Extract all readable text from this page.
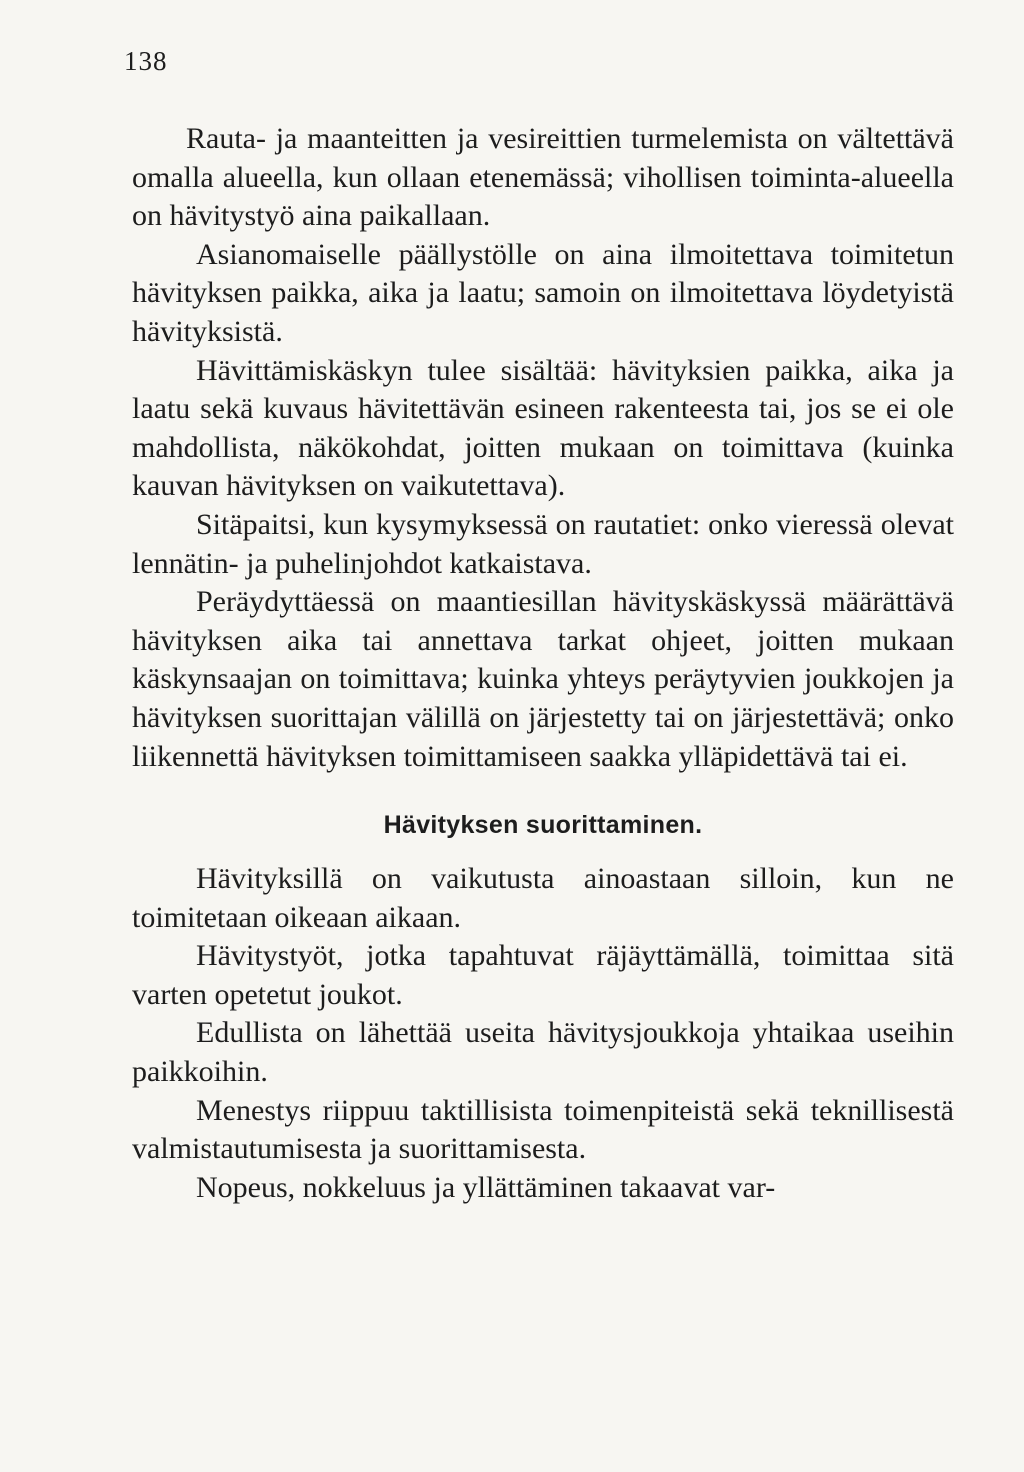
138

Rauta- ja maanteitten ja vesireittien turmelemista on vältettävä omalla alueella, kun ollaan etenemässä; vihollisen toiminta-alueella on hävitystyö aina paikallaan.

Asianomaiselle päällystölle on aina ilmoitettava toimitetun hävityksen paikka, aika ja laatu; samoin on ilmoitettava löydetyistä hävityksistä.

Hävittämiskäskyn tulee sisältää: hävityksien paikka, aika ja laatu sekä kuvaus hävitettävän esineen rakenteesta tai, jos se ei ole mahdollista, näkökohdat, joitten mukaan on toimittava (kuinka kauvan hävityksen on vaikutettava).

Sitäpaitsi, kun kysymyksessä on rautatiet: onko vieressä olevat lennätin- ja puhelinjohdot katkaistava.

Peräydyttäessä on maantiesillan hävityskäskyssä määrättävä hävityksen aika tai annettava tarkat ohjeet, joitten mukaan käskynsaajan on toimittava; kuinka yhteys peräytyvien joukkojen ja hävityksen suorittajan välillä on järjestetty tai on järjestettävä; onko liikennettä hävityksen toimittamiseen saakka ylläpidettävä tai ei.

Hävityksen suorittaminen.

Hävityksillä on vaikutusta ainoastaan silloin, kun ne toimitetaan oikeaan aikaan.

Hävitystyöt, jotka tapahtuvat räjäyttämällä, toimittaa sitä varten opetetut joukot.

Edullista on lähettää useita hävitysjoukkoja yhtaikaa useihin paikkoihin.

Menestys riippuu taktillisista toimenpiteistä sekä teknillisestä valmistautumisesta ja suorittamisesta.

Nopeus, nokkeluus ja yllättäminen takaavat var-
